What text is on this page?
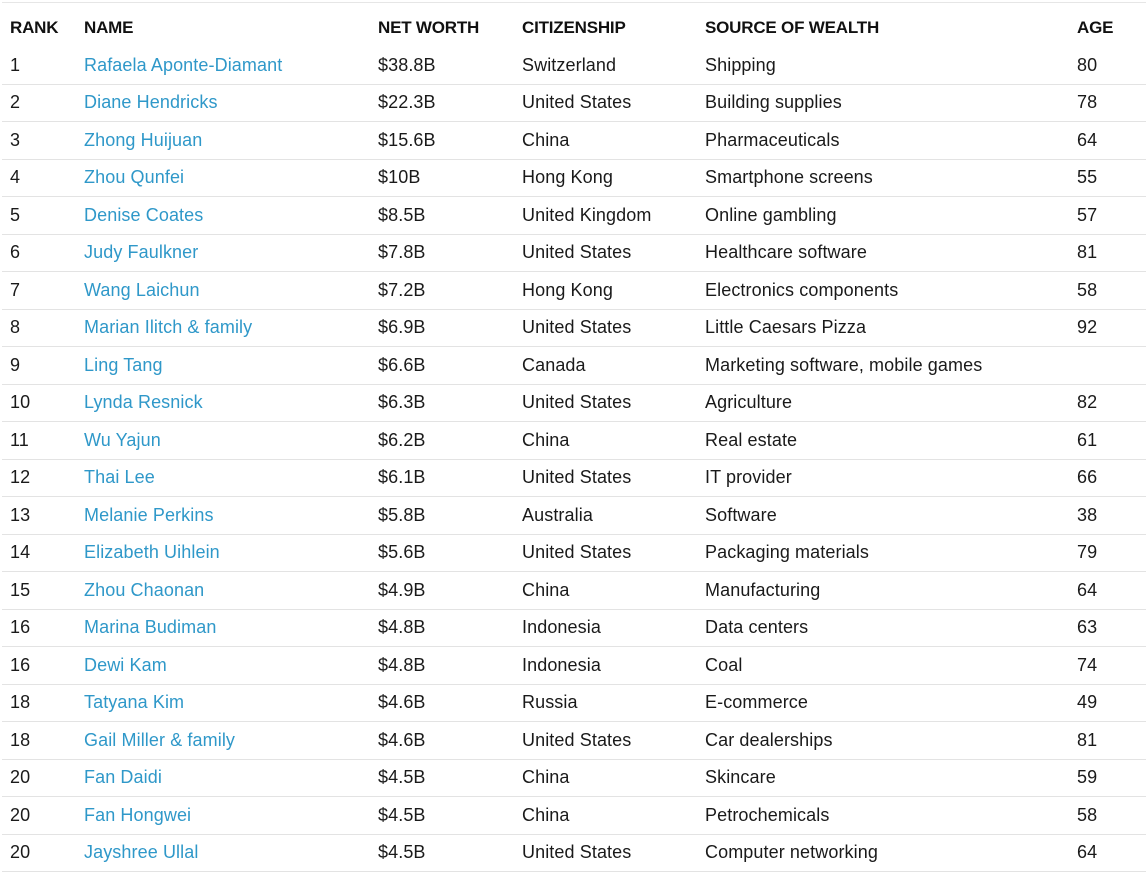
RANK	NAME	NET WORTH	CITIZENSHIP	SOURCE OF WEALTH	AGE
1	Rafaela Aponte-Diamant	$38.8B	Switzerland	Shipping	80
2	Diane Hendricks	$22.3B	United States	Building supplies	78
3	Zhong Huijuan	$15.6B	China	Pharmaceuticals	64
4	Zhou Qunfei	$10B	Hong Kong	Smartphone screens	55
5	Denise Coates	$8.5B	United Kingdom	Online gambling	57
6	Judy Faulkner	$7.8B	United States	Healthcare software	81
7	Wang Laichun	$7.2B	Hong Kong	Electronics components	58
8	Marian Ilitch & family	$6.9B	United States	Little Caesars Pizza	92
9	Ling Tang	$6.6B	Canada	Marketing software, mobile games	
10	Lynda Resnick	$6.3B	United States	Agriculture	82
11	Wu Yajun	$6.2B	China	Real estate	61
12	Thai Lee	$6.1B	United States	IT provider	66
13	Melanie Perkins	$5.8B	Australia	Software	38
14	Elizabeth Uihlein	$5.6B	United States	Packaging materials	79
15	Zhou Chaonan	$4.9B	China	Manufacturing	64
16	Marina Budiman	$4.8B	Indonesia	Data centers	63
16	Dewi Kam	$4.8B	Indonesia	Coal	74
18	Tatyana Kim	$4.6B	Russia	E-commerce	49
18	Gail Miller & family	$4.6B	United States	Car dealerships	81
20	Fan Daidi	$4.5B	China	Skincare	59
20	Fan Hongwei	$4.5B	China	Petrochemicals	58
20	Jayshree Ullal	$4.5B	United States	Computer networking	64
